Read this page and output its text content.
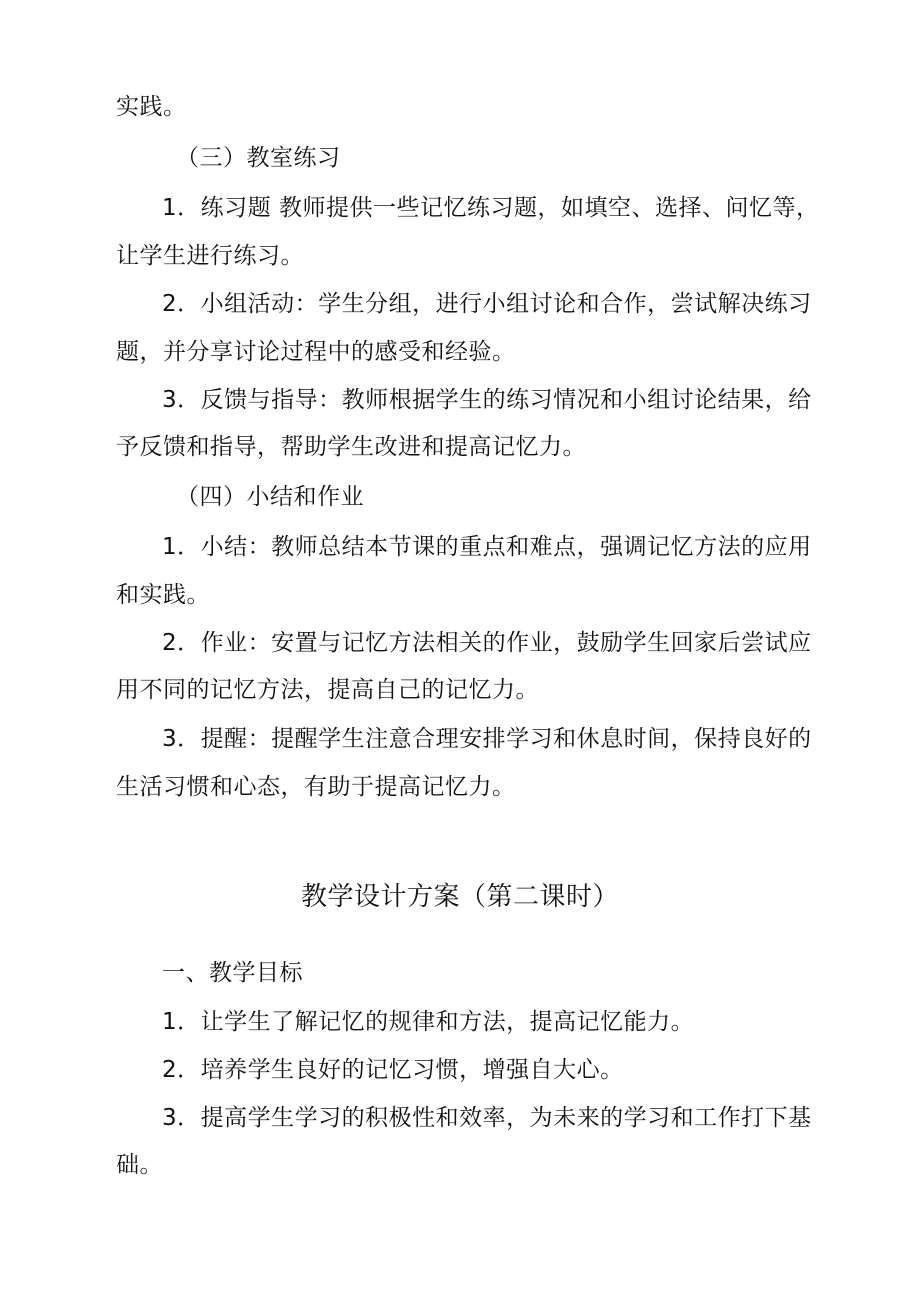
实践。
（三）教室练习
1．练习题 教师提供一些记忆练习题，如填空、选择、问忆等，
让学生进行练习。
2．小组活动：学生分组，进行小组讨论和合作，尝试解决练习
题，并分享讨论过程中的感受和经验。
3．反馈与指导：教师根据学生的练习情况和小组讨论结果，给
予反馈和指导，帮助学生改进和提高记忆力。
（四）小结和作业
1．小结：教师总结本节课的重点和难点，强调记忆方法的应用
和实践。
2．作业：安置与记忆方法相关的作业，鼓励学生回家后尝试应
用不同的记忆方法，提高自己的记忆力。
3．提醒：提醒学生注意合理安排学习和休息时间，保持良好的
生活习惯和心态，有助于提高记忆力。
教学设计方案（第二课时）
一、教学目标
1．让学生了解记忆的规律和方法，提高记忆能力。
2．培养学生良好的记忆习惯，增强自大心。
3．提高学生学习的积极性和效率，为未来的学习和工作打下基
础。
